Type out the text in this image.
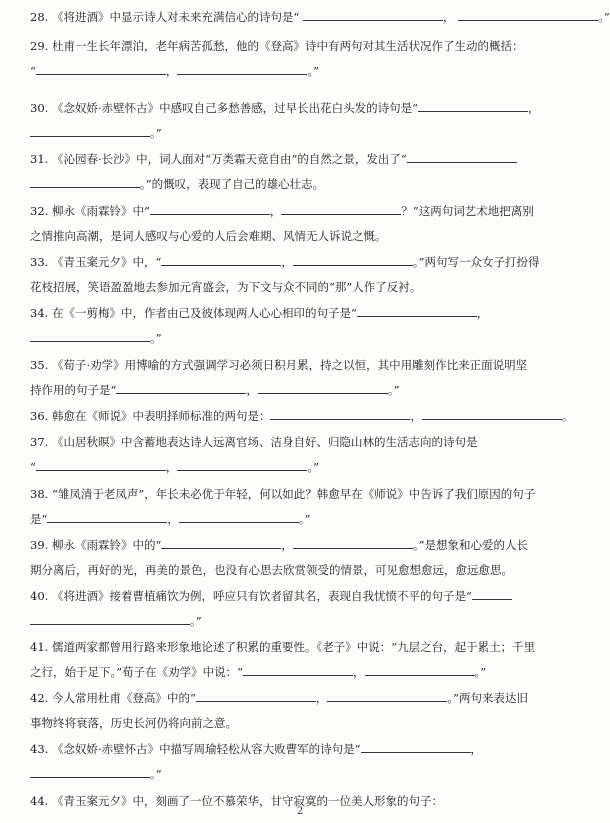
28. 《将进酒》中显示诗人对未来充满信心的诗句是“	，	。”
29. 杜甫一生长年漂泊，老年病苦孤愁，他的《登高》诗中有两句对其生活状况作了生动的概括：
“	，	。”
30. 《念奴娇·赤壁怀古》中感叹自己多愁善感，过早长出花白头发的诗句是“	，
。”
31. 《沁园春·长沙》中，词人面对“万类霜天竞自由”的自然之景，发出了“
。”的慨叹，表现了自己的雄心壮志。
32. 柳永《雨霖铃》中“	，	？”这两句词艺术地把离别
之情推向高潮，是词人感叹与心爱的人后会难期、风情无人诉说之慨。
33. 《青玉案元夕》中，“	，	。”两句写一众女子打扮得
花枝招展，笑语盈盈地去参加元宵盛会，为下文与众不同的“那”人作了反衬。
34. 在《一剪梅》中，作者由己及彼体现两人心心相印的句子是“	，
。”
35. 《荀子·劝学》用博喻的方式强调学习必须日积月累，持之以恒，其中用雕刻作比来正面说明坚
持作用的句子是“	，	。”
36. 韩愈在《师说》中表明择师标准的两句是：	，	。
37. 《山居秋暝》中含蓄地表达诗人远离官场、洁身自好、归隐山林的生活志向的诗句是
“	，	。”
38. “雏凤清于老凤声”，年长未必优于年轻，何以如此？韩愈早在《师说》中告诉了我们原因的句子
是“	，	。”
39. 柳永《雨霖铃》中的“	，	。”是想象和心爱的人长
期分离后，再好的光，再美的景色，也没有心思去欣赏领受的情景，可见愈想愈远，愈远愈思。
40. 《将进酒》接着曹植痛饮为例，呼应只有饮者留其名，表现自我忧愤不平的句子是“
。”
41. 儒道两家都曾用行路来形象地论述了积累的重要性。《老子》中说：“九层之台，起于累土；千里
之行，始于足下。”荀子在《劝学》中说：“	，	。”
42. 今人常用杜甫《登高》中的“	，	。”两句来表达旧
事物终将衰落，历史长河仍将向前之意。
43. 《念奴娇·赤壁怀古》中描写周瑜轻松从容大败曹军的诗句是“	，
。”
44. 《青玉案元夕》中，刻画了一位不慕荣华，甘守寂寞的一位美人形象的句子：
2
